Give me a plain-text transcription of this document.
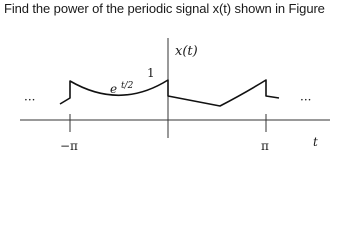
Find the power of the periodic signal x(t) shown in Figure
x(t)
1
e $^{t/2}$
···	···
−π	π	t
